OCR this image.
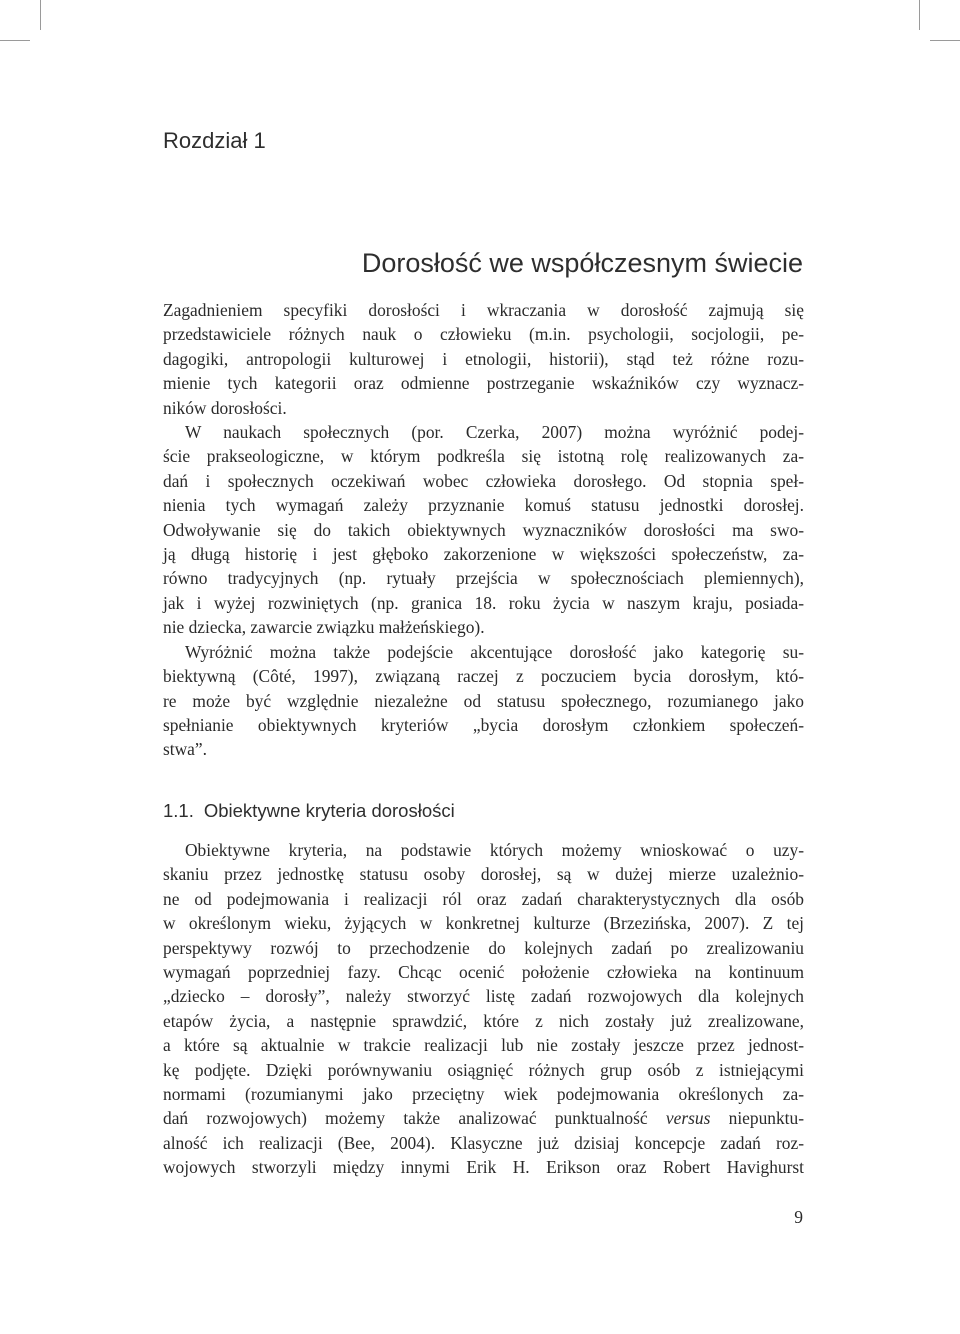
Rozdział 1
Dorosłość we współczesnym świecie

Zagadnieniem specyfiki dorosłości i wkraczania w dorosłość zajmują się
przedstawiciele różnych nauk o człowieku (m.in. psychologii, socjologii, pe-
dagogiki, antropologii kulturowej i etnologii, historii), stąd też różne rozu-
mienie tych kategorii oraz odmienne postrzeganie wskaźników czy wyznacz-
ników dorosłości.

W naukach społecznych (por. Czerka, 2007) można wyróżnić podej-
ście prakseologiczne, w którym podkreśla się istotną rolę realizowanych za-
dań i społecznych oczekiwań wobec człowieka dorosłego. Od stopnia speł-
nienia tych wymagań zależy przyznanie komuś statusu jednostki dorosłej.
Odwoływanie się do takich obiektywnych wyznaczników dorosłości ma swo-
ją długą historię i jest głęboko zakorzenione w większości społeczeństw, za-
równo tradycyjnych (np. rytuały przejścia w społecznościach plemiennych),
jak i wyżej rozwiniętych (np. granica 18. roku życia w naszym kraju, posiada-
nie dziecka, zawarcie związku małżeńskiego).

Wyróżnić można także podejście akcentujące dorosłość jako kategorię su-
biektywną (Côté, 1997), związaną raczej z poczuciem bycia dorosłym, któ-
re może być względnie niezależne od statusu społecznego, rozumianego jako
spełnianie obiektywnych kryteriów „bycia dorosłym członkiem społeczeń-
stwa”.

1.1. Obiektywne kryteria dorosłości

Obiektywne kryteria, na podstawie których możemy wnioskować o uzy-
skaniu przez jednostkę statusu osoby dorosłej, są w dużej mierze uzależnio-
ne od podejmowania i realizacji ról oraz zadań charakterystycznych dla osób
w określonym wieku, żyjących w konkretnej kulturze (Brzezińska, 2007). Z tej
perspektywy rozwój to przechodzenie do kolejnych zadań po zrealizowaniu
wymagań poprzedniej fazy. Chcąc ocenić położenie człowieka na kontinuum
„dziecko – dorosły”, należy stworzyć listę zadań rozwojowych dla kolejnych
etapów życia, a następnie sprawdzić, które z nich zostały już zrealizowane,
a które są aktualnie w trakcie realizacji lub nie zostały jeszcze przez jednost-
kę podjęte. Dzięki porównywaniu osiągnięć różnych grup osób z istniejącymi
normami (rozumianymi jako przeciętny wiek podejmowania określonych za-
dań rozwojowych) możemy także analizować punktualność versus niepunktu-
alność ich realizacji (Bee, 2004). Klasyczne już dzisiaj koncepcje zadań roz-
wojowych stworzyli między innymi Erik H. Erikson oraz Robert Havighurst

9
